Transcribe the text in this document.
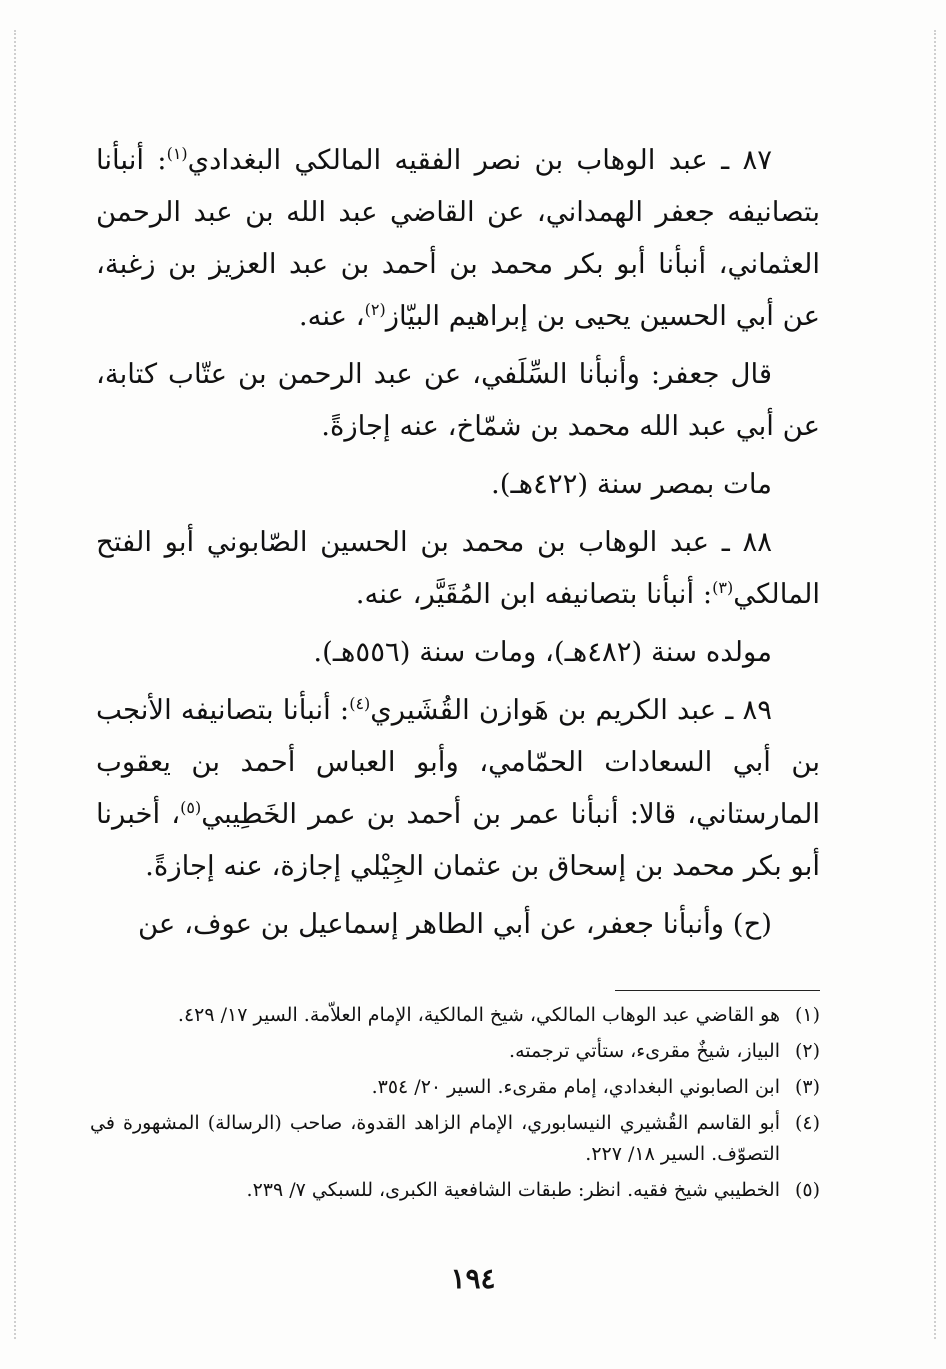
٨٧ ـ عبد الوهاب بن نصر الفقيه المالكي البغدادي$^{(١)}$: أنبأنا بتصانيفه جعفر الهمداني، عن القاضي عبد الله بن عبد الرحمن العثماني، أنبأنا أبو بكر محمد بن أحمد بن عبد العزيز بن زغبة، عن أبي الحسين يحيى بن إبراهيم البيّاز$^{(٢)}$، عنه.

قال جعفر: وأنبأنا السِّلَفي، عن عبد الرحمن بن عتّاب كتابة، عن أبي عبد الله محمد بن شمّاخ، عنه إجازةً.

مات بمصر سنة (٤٢٢هـ).

٨٨ ـ عبد الوهاب بن محمد بن الحسين الصّابوني أبو الفتح المالكي$^{(٣)}$: أنبأنا بتصانيفه ابن المُقَيَّر، عنه.

مولده سنة (٤٨٢هـ)، ومات سنة (٥٥٦هـ).

٨٩ ـ عبد الكريم بن هَوازن القُشَيري$^{(٤)}$: أنبأنا بتصانيفه الأنجب بن أبي السعادات الحمّامي، وأبو العباس أحمد بن يعقوب المارستاني، قالا: أنبأنا عمر بن أحمد بن عمر الخَطِيبي$^{(٥)}$، أخبرنا أبو بكر محمد بن إسحاق بن عثمان الجِيْلي إجازة، عنه إجازةً.

(ح) وأنبأنا جعفر، عن أبي الطاهر إسماعيل بن عوف، عن

(١)
هو القاضي عبد الوهاب المالكي، شيخ المالكية، الإمام العلاّمة. السير ١٧/ ٤٢٩.
(٢)
البياز، شيخٌ مقرىء، ستأتي ترجمته.
(٣)
ابن الصابوني البغدادي، إمام مقرىء. السير ٢٠/ ٣٥٤.
(٤)
أبو القاسم القُشيري النيسابوري، الإمام الزاهد القدوة، صاحب (الرسالة) المشهورة في التصوّف. السير ١٨/ ٢٢٧.
(٥)
الخطيبي شيخ فقيه. انظر: طبقات الشافعية الكبرى، للسبكي ٧/ ٢٣٩.
١٩٤
